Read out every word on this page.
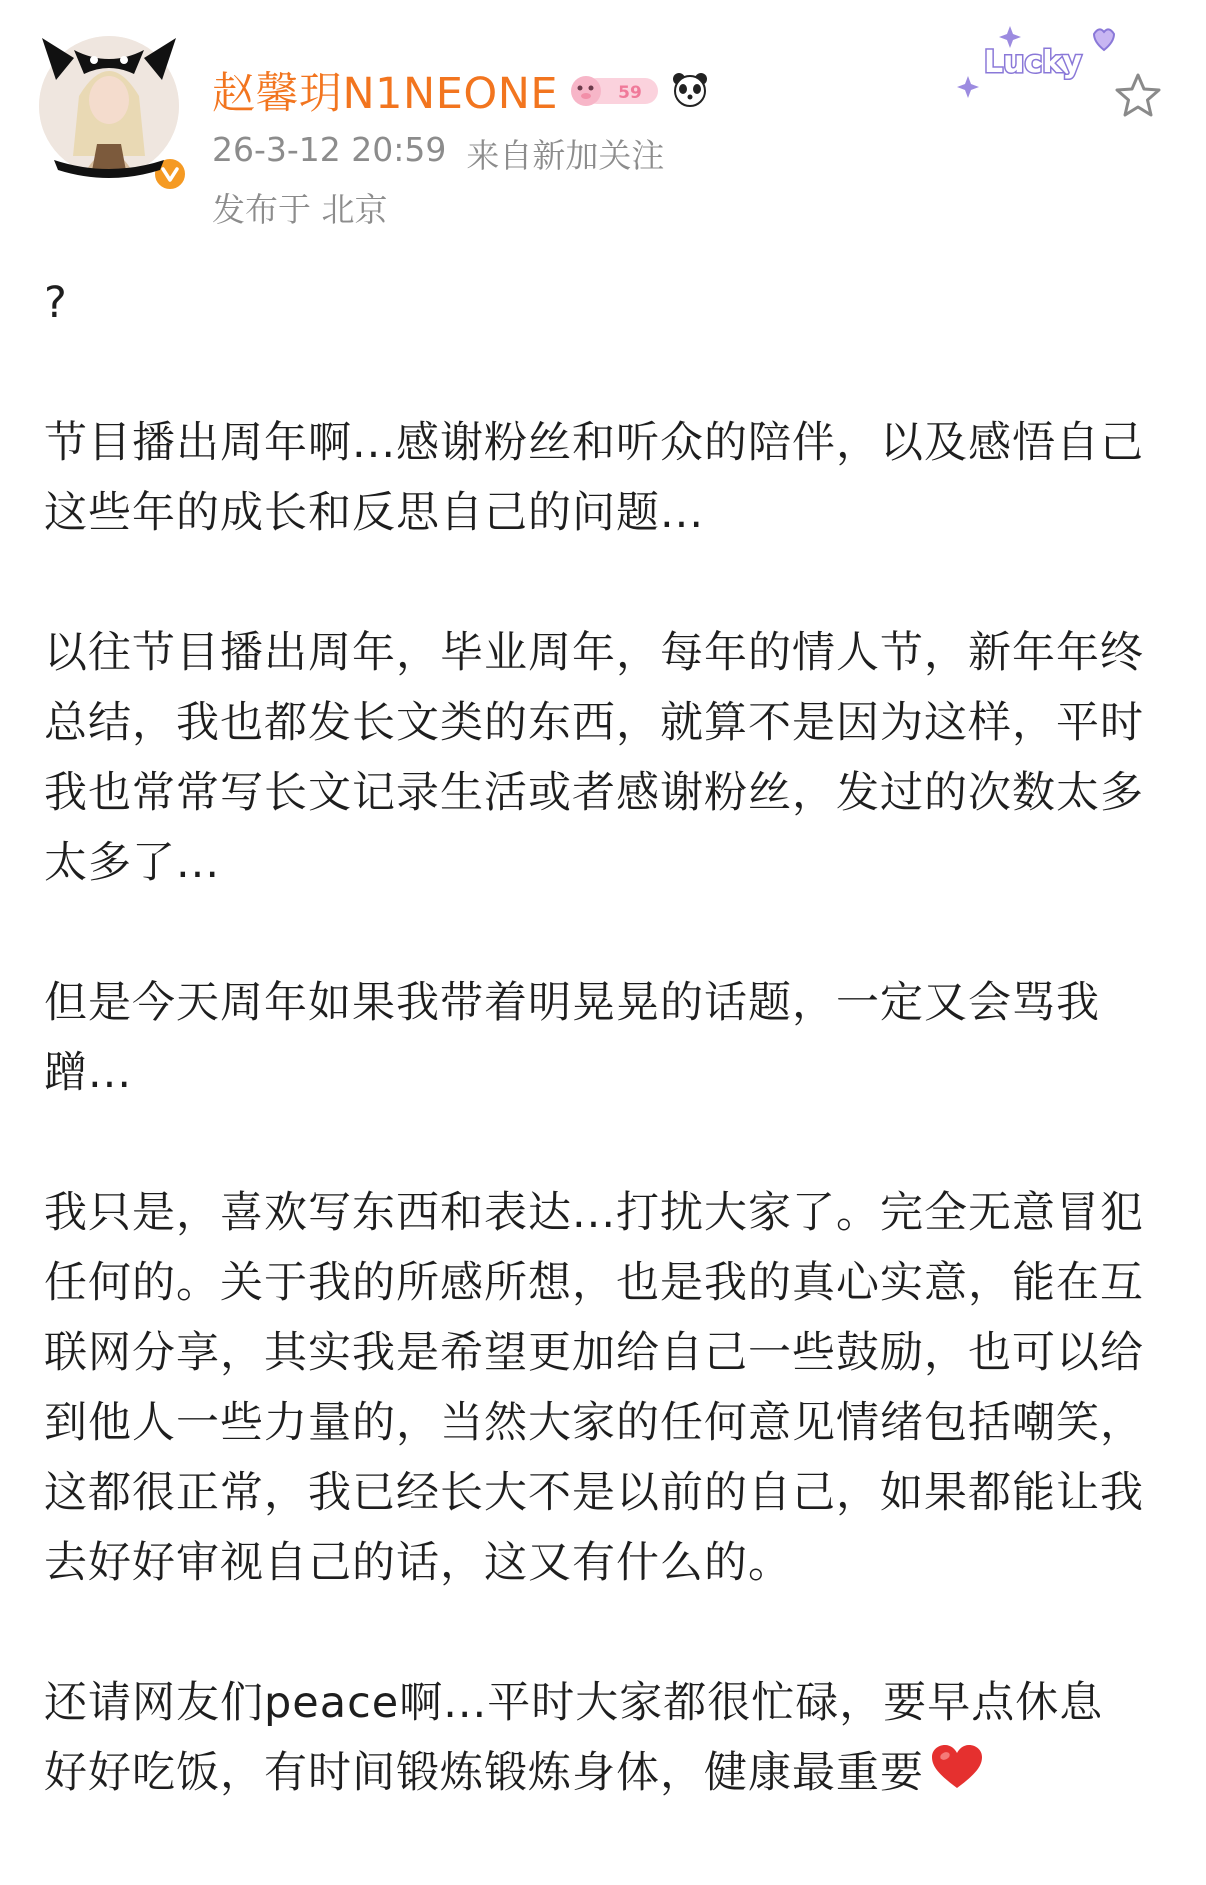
赵馨玥N1NEONE	59
26-3-12 20:59 来自新加关注
发布于 北京
Lucky

?

节目播出周年啊...感谢粉丝和听众的陪伴，以及感悟自己这些年的成长和反思自己的问题...

以往节目播出周年，毕业周年，每年的情人节，新年年终总结，我也都发长文类的东西，就算不是因为这样，平时我也常常写长文记录生活或者感谢粉丝，发过的次数太多太多了...

但是今天周年如果我带着明晃晃的话题，一定又会骂我蹭...

我只是，喜欢写东西和表达...打扰大家了。完全无意冒犯任何的。关于我的所感所想，也是我的真心实意，能在互联网分享，其实我是希望更加给自己一些鼓励，也可以给到他人一些力量的，当然大家的任何意见情绪包括嘲笑，这都很正常，我已经长大不是以前的自己，如果都能让我去好好审视自己的话，这又有什么的。

还请网友们peace啊...平时大家都很忙碌，要早点休息好好吃饭，有时间锻炼锻炼身体，健康最重要
